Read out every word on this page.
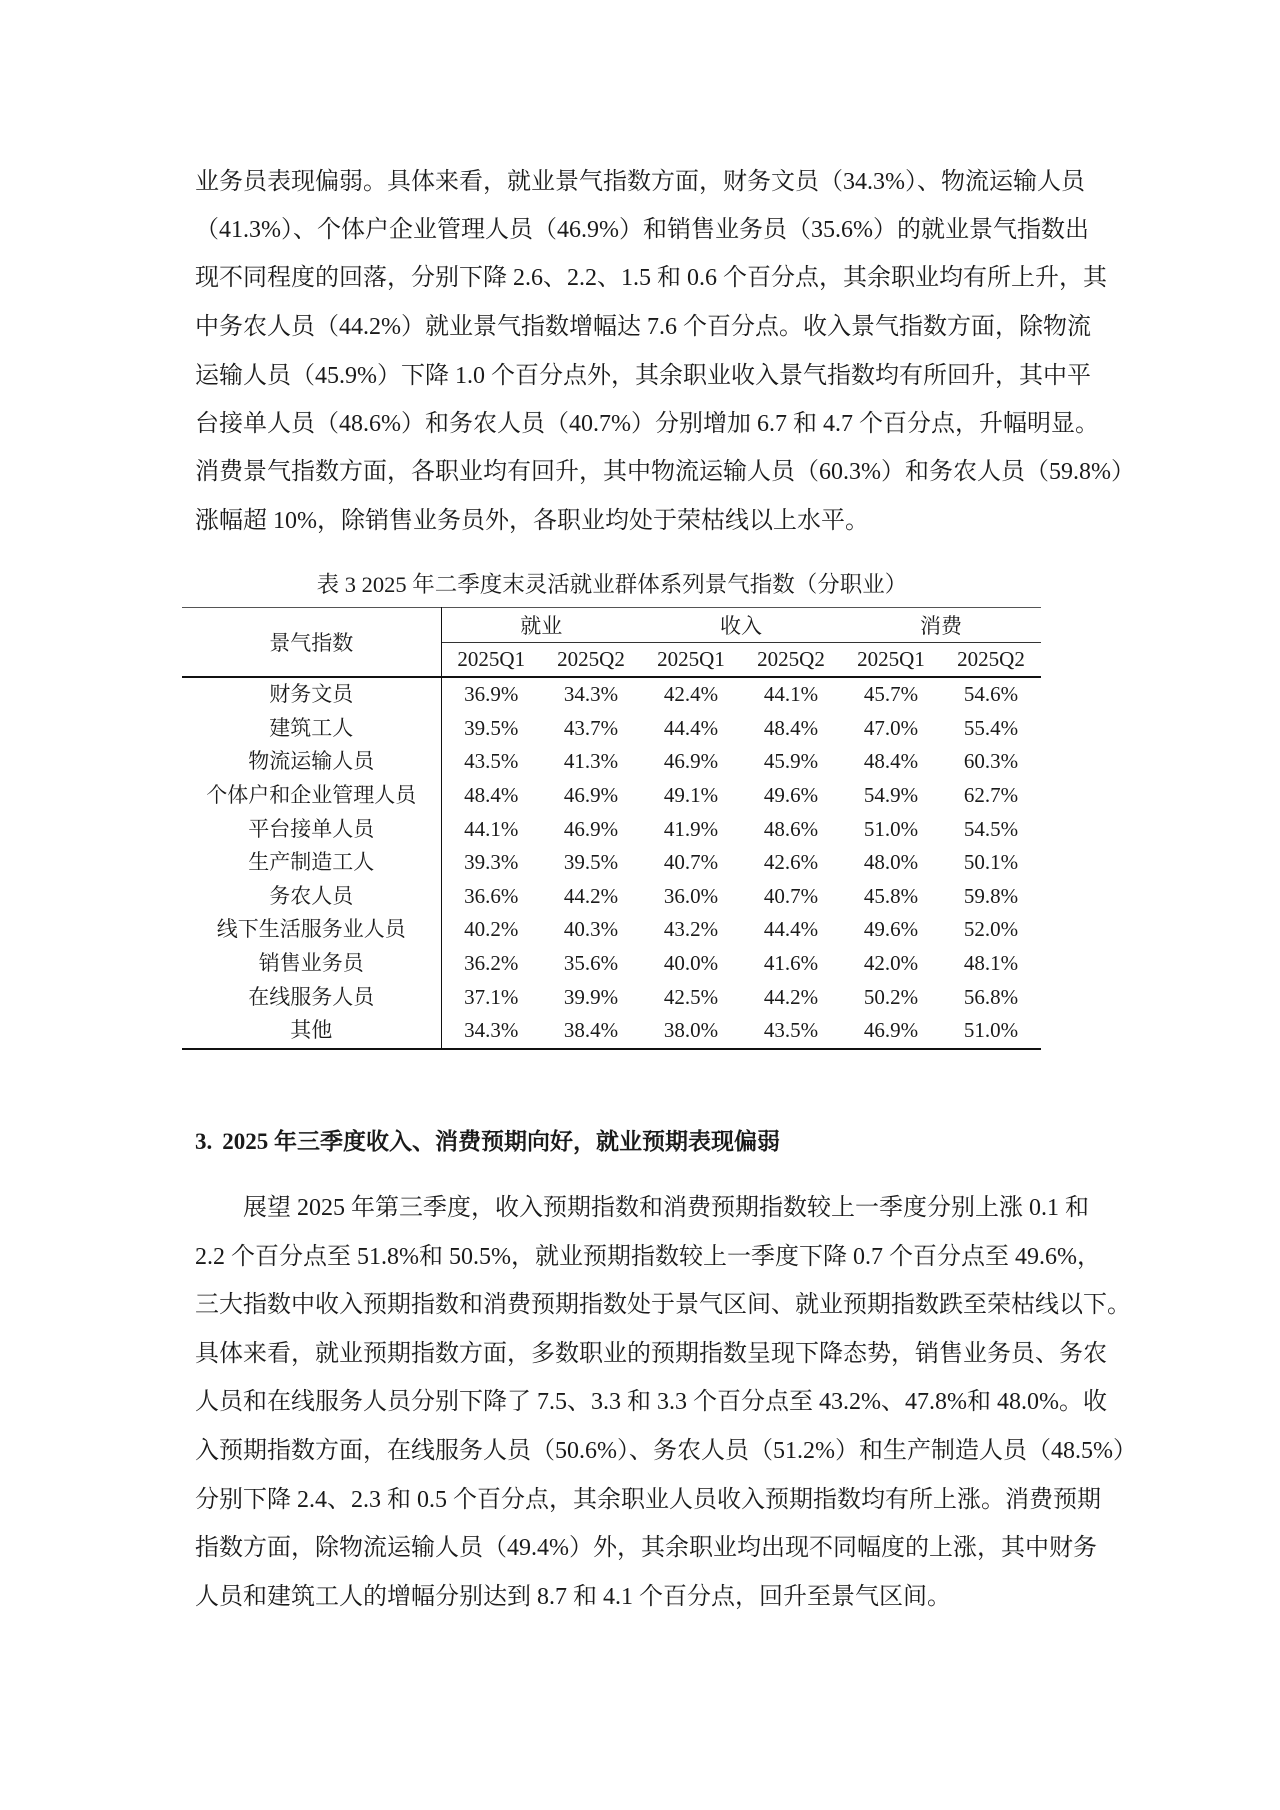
业务员表现偏弱。具体来看，就业景气指数方面，财务文员（34.3%）、物流运输人员
（41.3%）、个体户企业管理人员（46.9%）和销售业务员（35.6%）的就业景气指数出
现不同程度的回落，分别下降 2.6、2.2、1.5 和 0.6 个百分点，其余职业均有所上升，其
中务农人员（44.2%）就业景气指数增幅达 7.6 个百分点。收入景气指数方面，除物流
运输人员（45.9%）下降 1.0 个百分点外，其余职业收入景气指数均有所回升，其中平
台接单人员（48.6%）和务农人员（40.7%）分别增加 6.7 和 4.7 个百分点，升幅明显。
消费景气指数方面，各职业均有回升，其中物流运输人员（60.3%）和务农人员（59.8%）
涨幅超 10%，除销售业务员外，各职业均处于荣枯线以上水平。
表 3 2025 年二季度末灵活就业群体系列景气指数（分职业）
景气指数	就业		收入		消费	
	2025Q1	2025Q2	2025Q1	2025Q2	2025Q1	2025Q2
财务文员	36.9%	34.3%	42.4%	44.1%	45.7%	54.6%
建筑工人	39.5%	43.7%	44.4%	48.4%	47.0%	55.4%
物流运输人员	43.5%	41.3%	46.9%	45.9%	48.4%	60.3%
个体户和企业管理人员	48.4%	46.9%	49.1%	49.6%	54.9%	62.7%
平台接单人员	44.1%	46.9%	41.9%	48.6%	51.0%	54.5%
生产制造工人	39.3%	39.5%	40.7%	42.6%	48.0%	50.1%
务农人员	36.6%	44.2%	36.0%	40.7%	45.8%	59.8%
线下生活服务业人员	40.2%	40.3%	43.2%	44.4%	49.6%	52.0%
销售业务员	36.2%	35.6%	40.0%	41.6%	42.0%	48.1%
在线服务人员	37.1%	39.9%	42.5%	44.2%	50.2%	56.8%
其他	34.3%	38.4%	38.0%	43.5%	46.9%	51.0%
3. 2025 年三季度收入、消费预期向好，就业预期表现偏弱
展望 2025 年第三季度，收入预期指数和消费预期指数较上一季度分别上涨 0.1 和
2.2 个百分点至 51.8%和 50.5%，就业预期指数较上一季度下降 0.7 个百分点至 49.6%，
三大指数中收入预期指数和消费预期指数处于景气区间、就业预期指数跌至荣枯线以下。
具体来看，就业预期指数方面，多数职业的预期指数呈现下降态势，销售业务员、务农
人员和在线服务人员分别下降了 7.5、3.3 和 3.3 个百分点至 43.2%、47.8%和 48.0%。收
入预期指数方面，在线服务人员（50.6%）、务农人员（51.2%）和生产制造人员（48.5%）
分别下降 2.4、2.3 和 0.5 个百分点，其余职业人员收入预期指数均有所上涨。消费预期
指数方面，除物流运输人员（49.4%）外，其余职业均出现不同幅度的上涨，其中财务
人员和建筑工人的增幅分别达到 8.7 和 4.1 个百分点，回升至景气区间。
